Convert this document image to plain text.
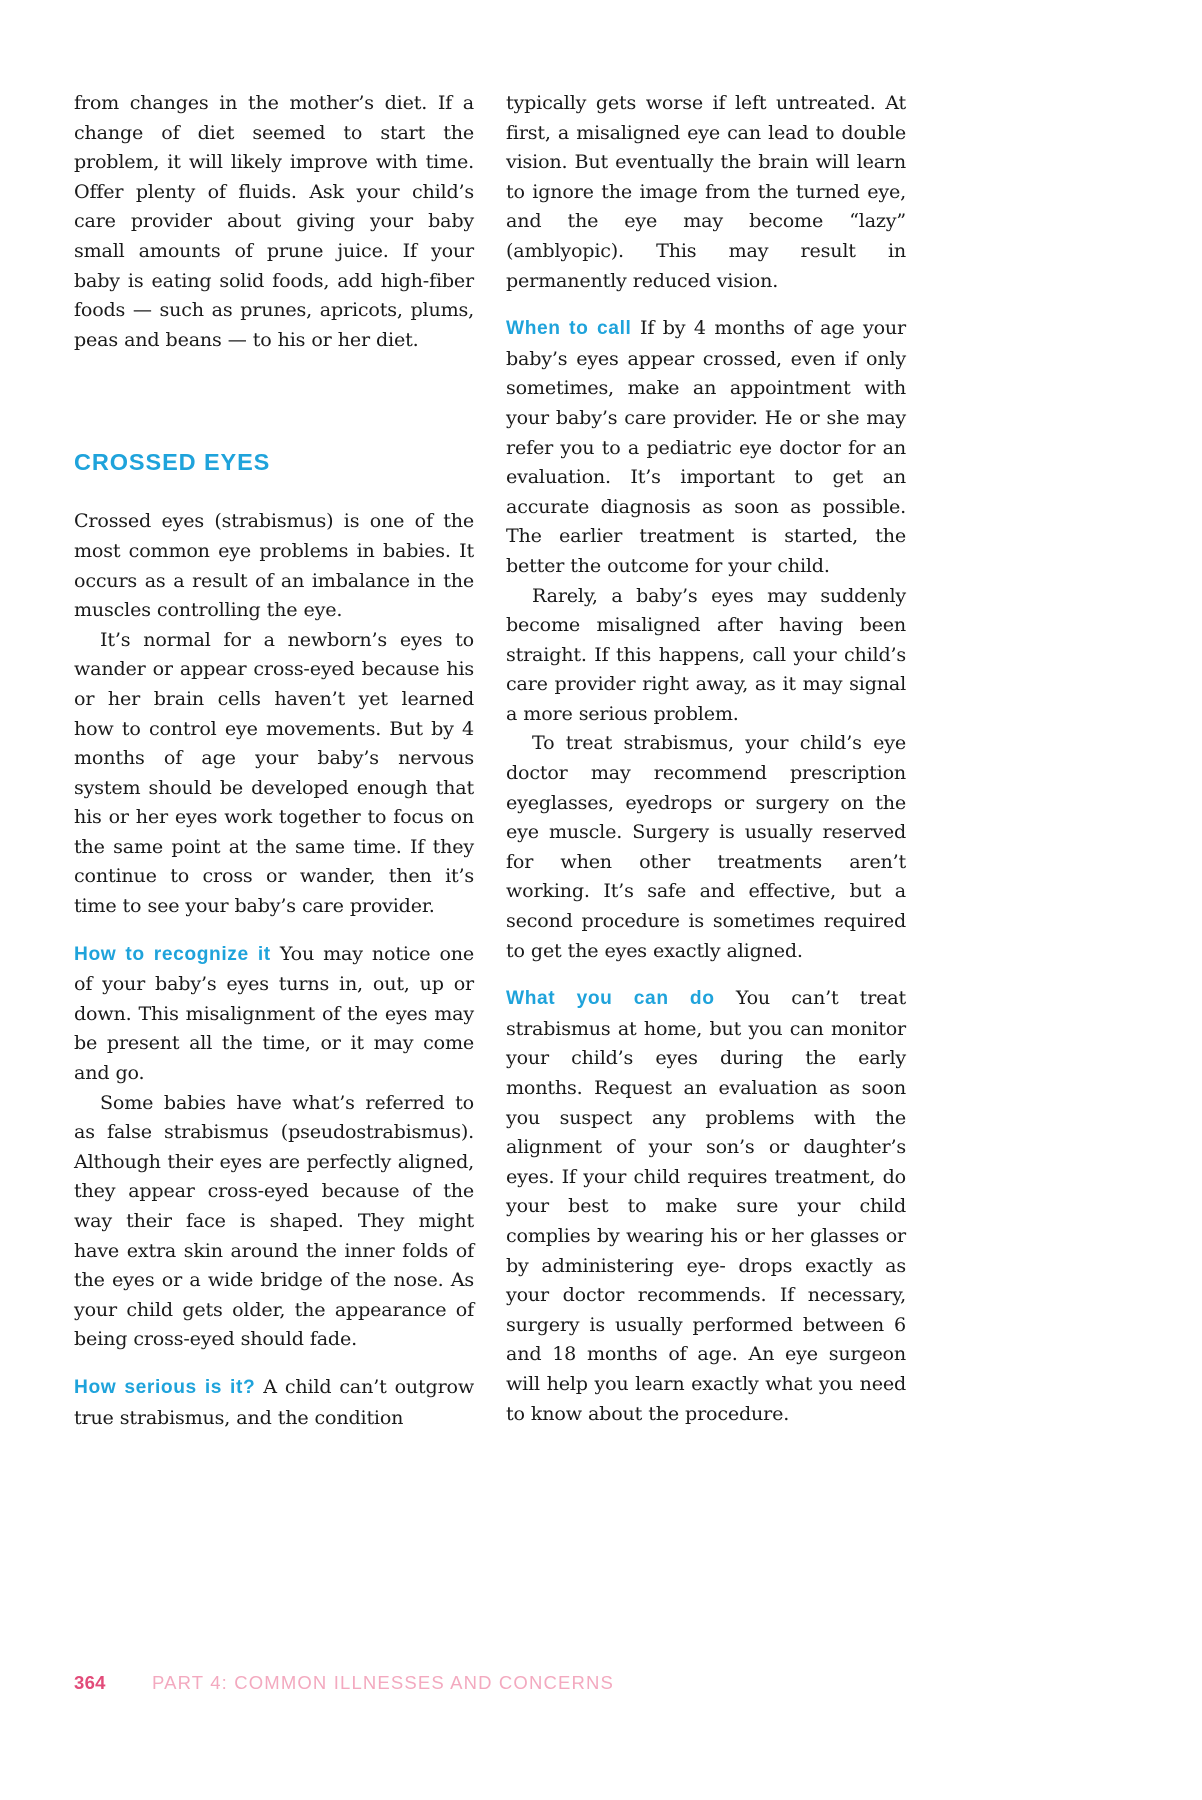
from changes in the mother’s diet. If a change of diet seemed to start the problem, it will likely improve with time. Offer plenty of fluids. Ask your child’s care provider about giving your baby small amounts of prune juice. If your baby is eating solid foods, add high-fiber foods — such as prunes, apricots, plums, peas and beans — to his or her diet.

CROSSED EYES

Crossed eyes (strabismus) is one of the most common eye problems in babies. It occurs as a result of an imbalance in the muscles controlling the eye.

It’s normal for a newborn’s eyes to wander or appear cross-eyed because his or her brain cells haven’t yet learned how to control eye movements. But by 4 months of age your baby’s nervous system should be developed enough that his or her eyes work together to focus on the same point at the same time. If they continue to cross or wander, then it’s time to see your baby’s care provider.

How to recognize it You may notice one of your baby’s eyes turns in, out, up or down. This misalignment of the eyes may be present all the time, or it may come and go.

Some babies have what’s referred to as false strabismus (pseudostrabismus). Although their eyes are perfectly aligned, they appear cross-eyed because of the way their face is shaped. They might have extra skin around the inner folds of the eyes or a wide bridge of the nose. As your child gets older, the appearance of being cross-eyed should fade.

How serious is it? A child can’t outgrow true strabismus, and the condition

typically gets worse if left untreated. At first, a misaligned eye can lead to double vision. But eventually the brain will learn to ignore the image from the turned eye, and the eye may become “lazy” (amblyopic). This may result in permanently reduced vision.

When to call If by 4 months of age your baby’s eyes appear crossed, even if only sometimes, make an appointment with your baby’s care provider. He or she may refer you to a pediatric eye doctor for an evaluation. It’s important to get an accurate diagnosis as soon as possible. The earlier treatment is started, the better the outcome for your child.

Rarely, a baby’s eyes may suddenly become misaligned after having been straight. If this happens, call your child’s care provider right away, as it may signal a more serious problem.

To treat strabismus, your child’s eye doctor may recommend prescription eyeglasses, eyedrops or surgery on the eye muscle. Surgery is usually reserved for when other treatments aren’t working. It’s safe and effective, but a second procedure is sometimes required to get the eyes exactly aligned.

What you can do You can’t treat strabismus at home, but you can monitor your child’s eyes during the early months. Request an evaluation as soon you suspect any problems with the alignment of your son’s or daughter’s eyes. If your child requires treatment, do your best to make sure your child complies by wearing his or her glasses or by administering eye- drops exactly as your doctor recommends. If necessary, surgery is usually performed between 6 and 18 months of age. An eye surgeon will help you learn exactly what you need to know about the procedure.

364	PART 4: COMMON ILLNESSES AND CONCERNS
